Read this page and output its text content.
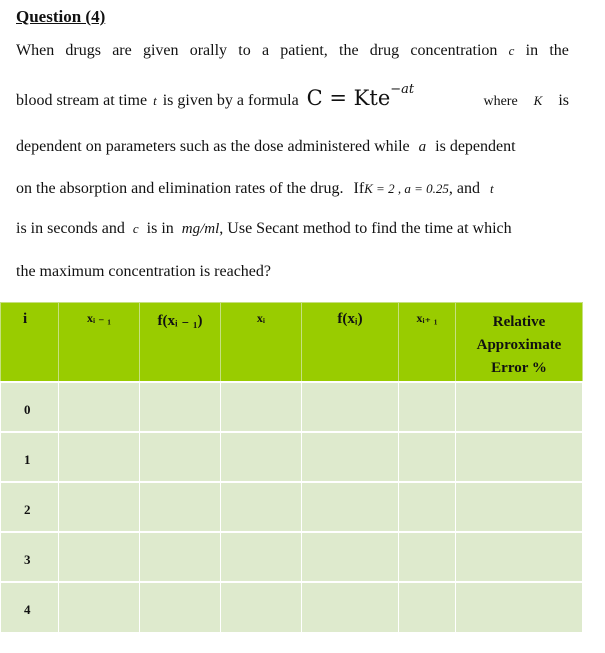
Question (4)
When drugs are given orally to a patient, the drug concentration c in the
blood stream at time t is given by a formula C = Kte$^{-at}$
where K is
dependent on parameters such as the dose administered while a is dependent
on the absorption and elimination rates of the drug. IfK = 2 , a = 0.25, and t
is in seconds and c is in mg/ml, Use Secant method to find the time at which
the maximum concentration is reached?
i	xᵢ ₋ ₁	f(xᵢ ₋ ₁)	xᵢ	f(xᵢ)	xᵢ₊ ₁	Relative
Approximate
Error %

0						
1						
2						
3						
4						
